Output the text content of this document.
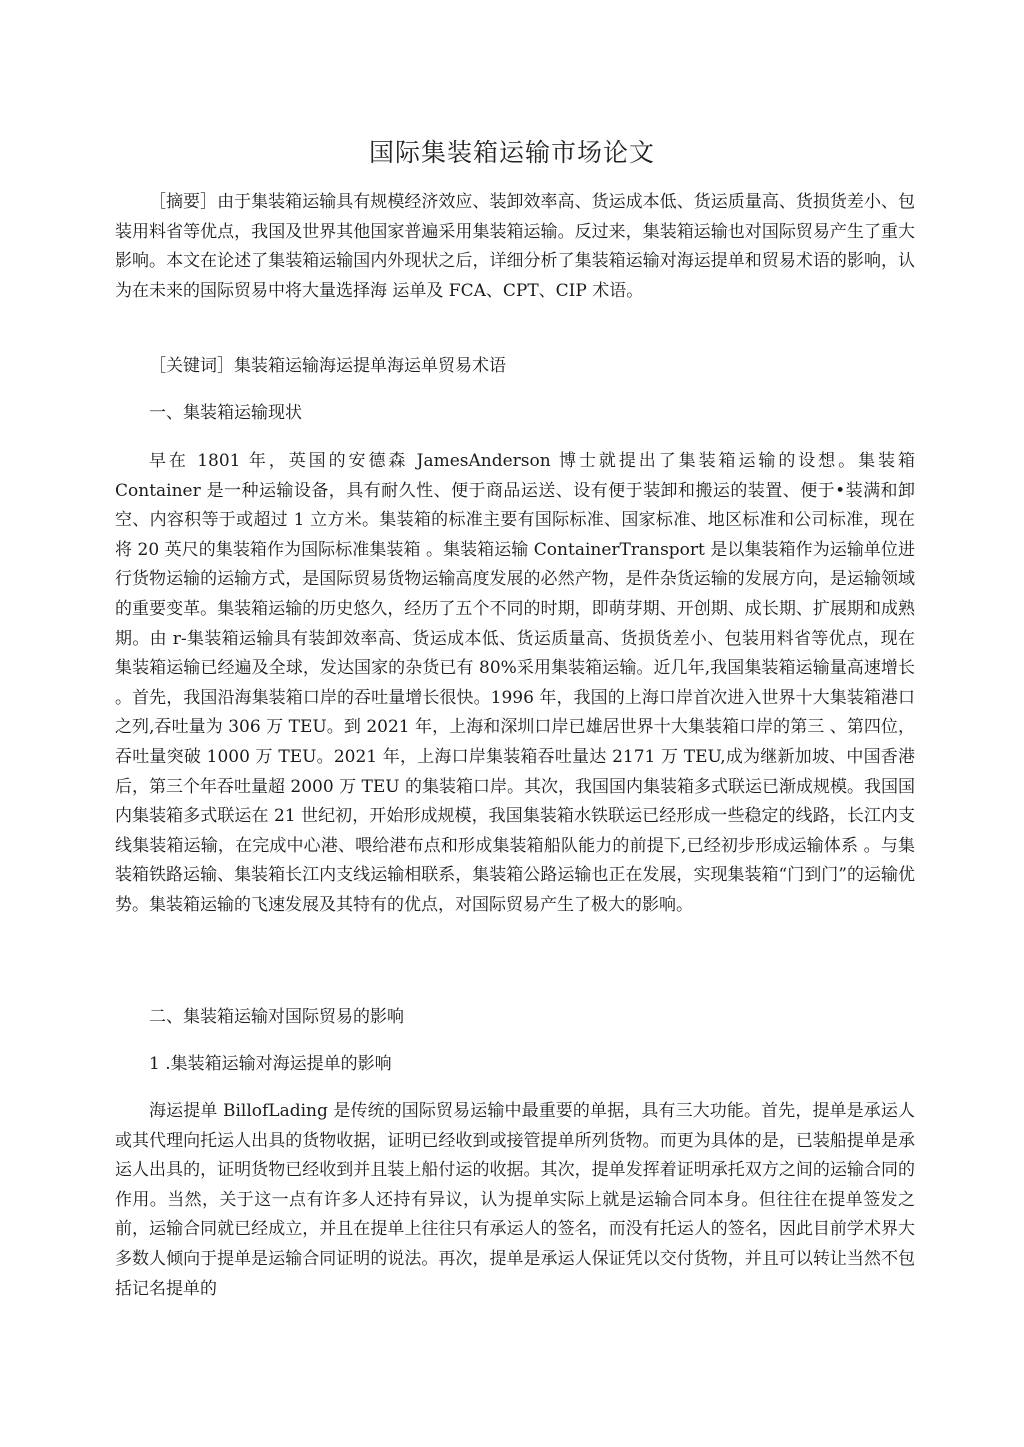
国际集装箱运输市场论文

［摘要］由于集装箱运输具有规模经济效应、装卸效率高、货运成本低、货运质量高、货损货差小、包装用料省等优点，我国及世界其他国家普遍采用集装箱运输。反过来，集装箱运输也对国际贸易产生了重大影响。本文在论述了集装箱运输国内外现状之后，详细分析了集装箱运输对海运提单和贸易术语的影响，认为在未来的国际贸易中将大量选择海 运单及 FCA、CPT、CIP 术语。

［关键词］集装箱运输海运提单海运单贸易术语

一、集装箱运输现状

早在 1801 年，英国的安德森 JamesAnderson 博士就提出了集装箱运输的设想。集装箱 Container 是一种运输设备，具有耐久性、便于商品运送、设有便于装卸和搬运的装置、便于•装满和卸空、内容积等于或超过 1 立方米。集装箱的标准主要有国际标准、国家标准、地区标准和公司标准，现在将 20 英尺的集装箱作为国际标准集装箱 。集装箱运输 ContainerTransport 是以集装箱作为运输单位进行货物运输的运输方式，是国际贸易货物运输高度发展的必然产物，是件杂货运输的发展方向，是运输领域的重要变革。集装箱运输的历史悠久，经历了五个不同的时期，即萌芽期、开创期、成长期、扩展期和成熟期。由 r-集装箱运输具有装卸效率高、货运成本低、货运质量高、货损货差小、包装用料省等优点，现在集装箱运输已经遍及全球，发达国家的杂货已有 80%采用集装箱运输。近几年,我国集装箱运输量高速增长 。首先，我国沿海集装箱口岸的吞吐量增长很快。1996 年，我国的上海口岸首次进入世界十大集装箱港口之列,吞吐量为 306 万 TEU。到 2021 年，上海和深圳口岸已雄居世界十大集装箱口岸的第三 、第四位，吞吐量突破 1000 万 TEU。2021 年，上海口岸集装箱吞吐量达 2171 万 TEU,成为继新加坡、中国香港后，第三个年吞吐量超 2000 万 TEU 的集装箱口岸。其次，我国国内集装箱多式联运已渐成规模。我国国内集装箱多式联运在 21 世纪初，开始形成规模，我国集装箱水铁联运已经形成一些稳定的线路，长江内支线集装箱运输，在完成中心港、喂给港布点和形成集装箱船队能力的前提下,已经初步形成运输体系 。与集装箱铁路运输、集装箱长江内支线运输相联系，集装箱公路运输也正在发展，实现集装箱“门到门”的运输优势。集装箱运输的飞速发展及其特有的优点，对国际贸易产生了极大的影响。

二、集装箱运输对国际贸易的影响

1 .集装箱运输对海运提单的影响

海运提单 BillofLading 是传统的国际贸易运输中最重要的单据，具有三大功能。首先，提单是承运人或其代理向托运人出具的货物收据，证明已经收到或接管提单所列货物。而更为具体的是，已装船提单是承运人出具的，证明货物已经收到并且装上船付运的收据。其次，提单发挥着证明承托双方之间的运输合同的作用。当然，关于这一点有许多人还持有异议，认为提单实际上就是运输合同本身。但往往在提单签发之前，运输合同就已经成立，并且在提单上往往只有承运人的签名，而没有托运人的签名，因此目前学术界大多数人倾向于提单是运输合同证明的说法。再次，提单是承运人保证凭以交付货物，并且可以转让当然不包括记名提单的
